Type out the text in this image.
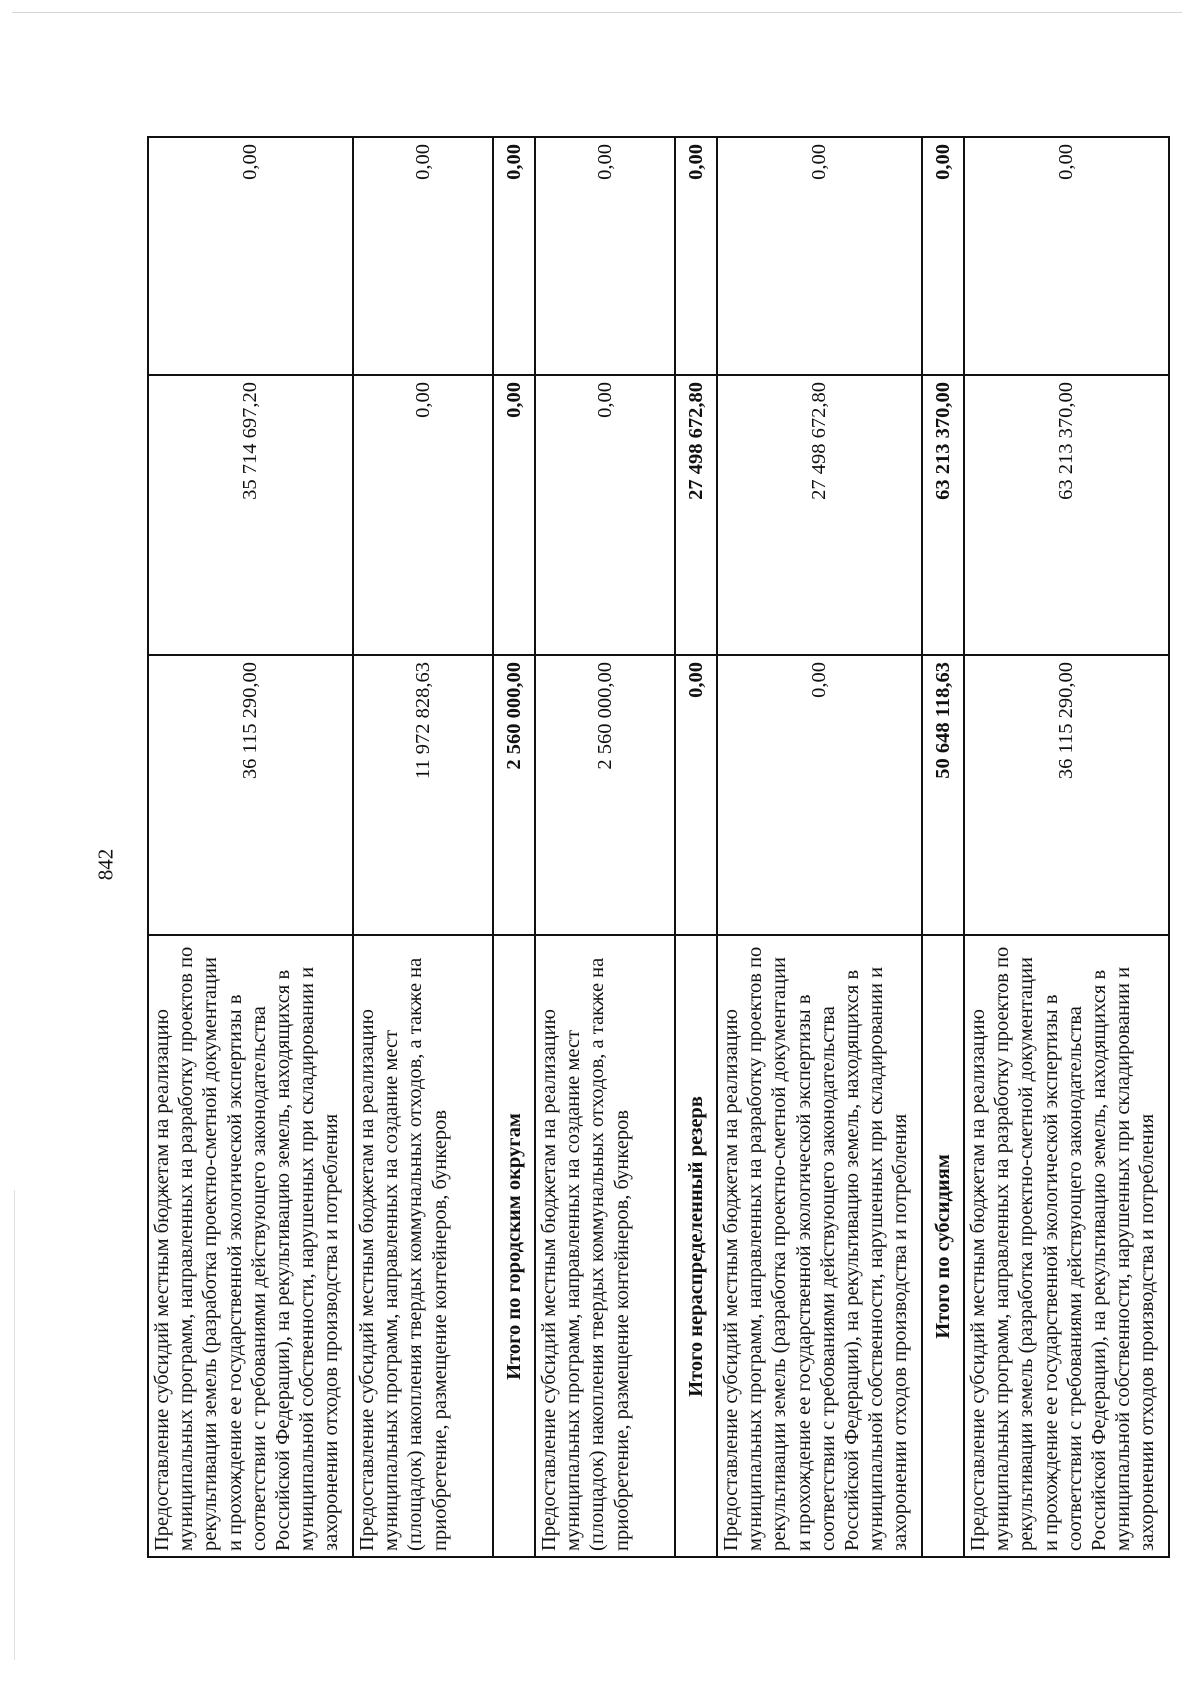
842
Предоставление субсидий местным бюджетам на реализацию муниципальных программ, направленных на разработку проектов по рекультивации земель (разработка проектно-сметной документации и прохождение ее государственной экологической экспертизы в соответствии с требованиями действующего законодательства Российской Федерации), на рекультивацию земель, находящихся в муниципальной собственности, нарушенных при складировании и захоронении отходов производства и потребления	36 115 290,00	35 714 697,20	0,00
Предоставление субсидий местным бюджетам на реализацию муниципальных программ, направленных на создание мест (площадок) накопления твердых коммунальных отходов, а также на приобретение, размещение контейнеров, бункеров	11 972 828,63	0,00	0,00
Итого по городским округам	2 560 000,00	0,00	0,00
Предоставление субсидий местным бюджетам на реализацию муниципальных программ, направленных на создание мест (площадок) накопления твердых коммунальных отходов, а также на приобретение, размещение контейнеров, бункеров	2 560 000,00	0,00	0,00
Итого нераспределенный резерв	0,00	27 498 672,80	0,00
Предоставление субсидий местным бюджетам на реализацию муниципальных программ, направленных на разработку проектов по рекультивации земель (разработка проектно-сметной документации и прохождение ее государственной экологической экспертизы в соответствии с требованиями действующего законодательства Российской Федерации), на рекультивацию земель, находящихся в муниципальной собственности, нарушенных при складировании и захоронении отходов производства и потребления	0,00	27 498 672,80	0,00
Итого по субсидиям	50 648 118,63	63 213 370,00	0,00
Предоставление субсидий местным бюджетам на реализацию муниципальных программ, направленных на разработку проектов по рекультивации земель (разработка проектно-сметной документации и прохождение ее государственной экологической экспертизы в соответствии с требованиями действующего законодательства Российской Федерации), на рекультивацию земель, находящихся в муниципальной собственности, нарушенных при складировании и захоронении отходов производства и потребления	36 115 290,00	63 213 370,00	0,00
